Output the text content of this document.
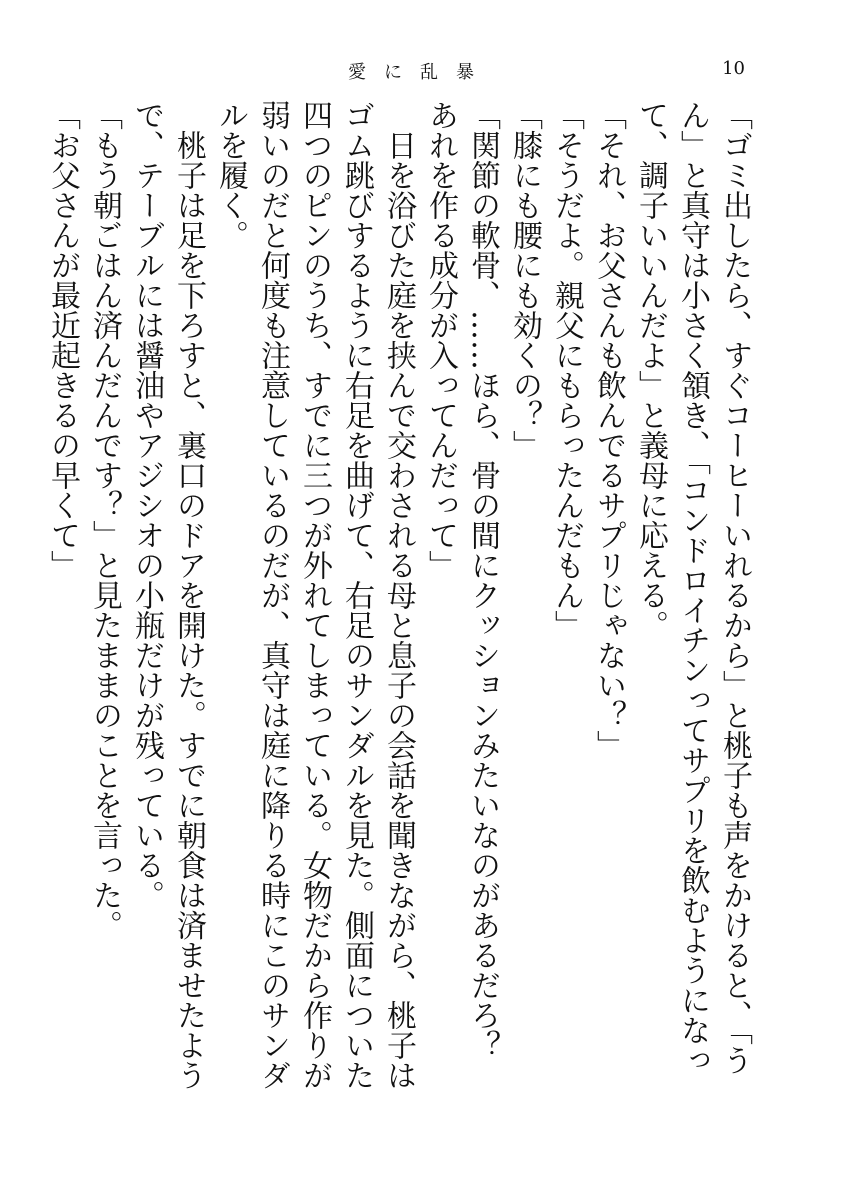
愛に乱暴	10

「ゴミ出したら、すぐコーヒーいれるから」と桃子も声をかけると、「うん」と真守は小さく頷き、「コンドロイチンってサプリを飲むようになって、調子いいんだよ」と義母に応える。

「それ、お父さんも飲んでるサプリじゃない？」

「そうだよ。親父にもらったんだもん」

「膝にも腰にも効くの？」

「関節の軟骨、……ほら、骨の間にクッションみたいなのがあるだろ？　あれを作る成分が入ってんだって」

日を浴びた庭を挟んで交わされる母と息子の会話を聞きながら、桃子はゴム跳びするように右足を曲げて、右足のサンダルを見た。側面についた四つのピンのうち、すでに三つが外れてしまっている。女物だから作りが弱いのだと何度も注意しているのだが、真守は庭に降りる時にこのサンダルを履く。

桃子は足を下ろすと、裏口のドアを開けた。すでに朝食は済ませたようで、テーブルには醤油やアジシオの小瓶だけが残っている。

「もう朝ごはん済んだんです？」と見たままのことを言った。

「お父さんが最近起きるの早くて」
